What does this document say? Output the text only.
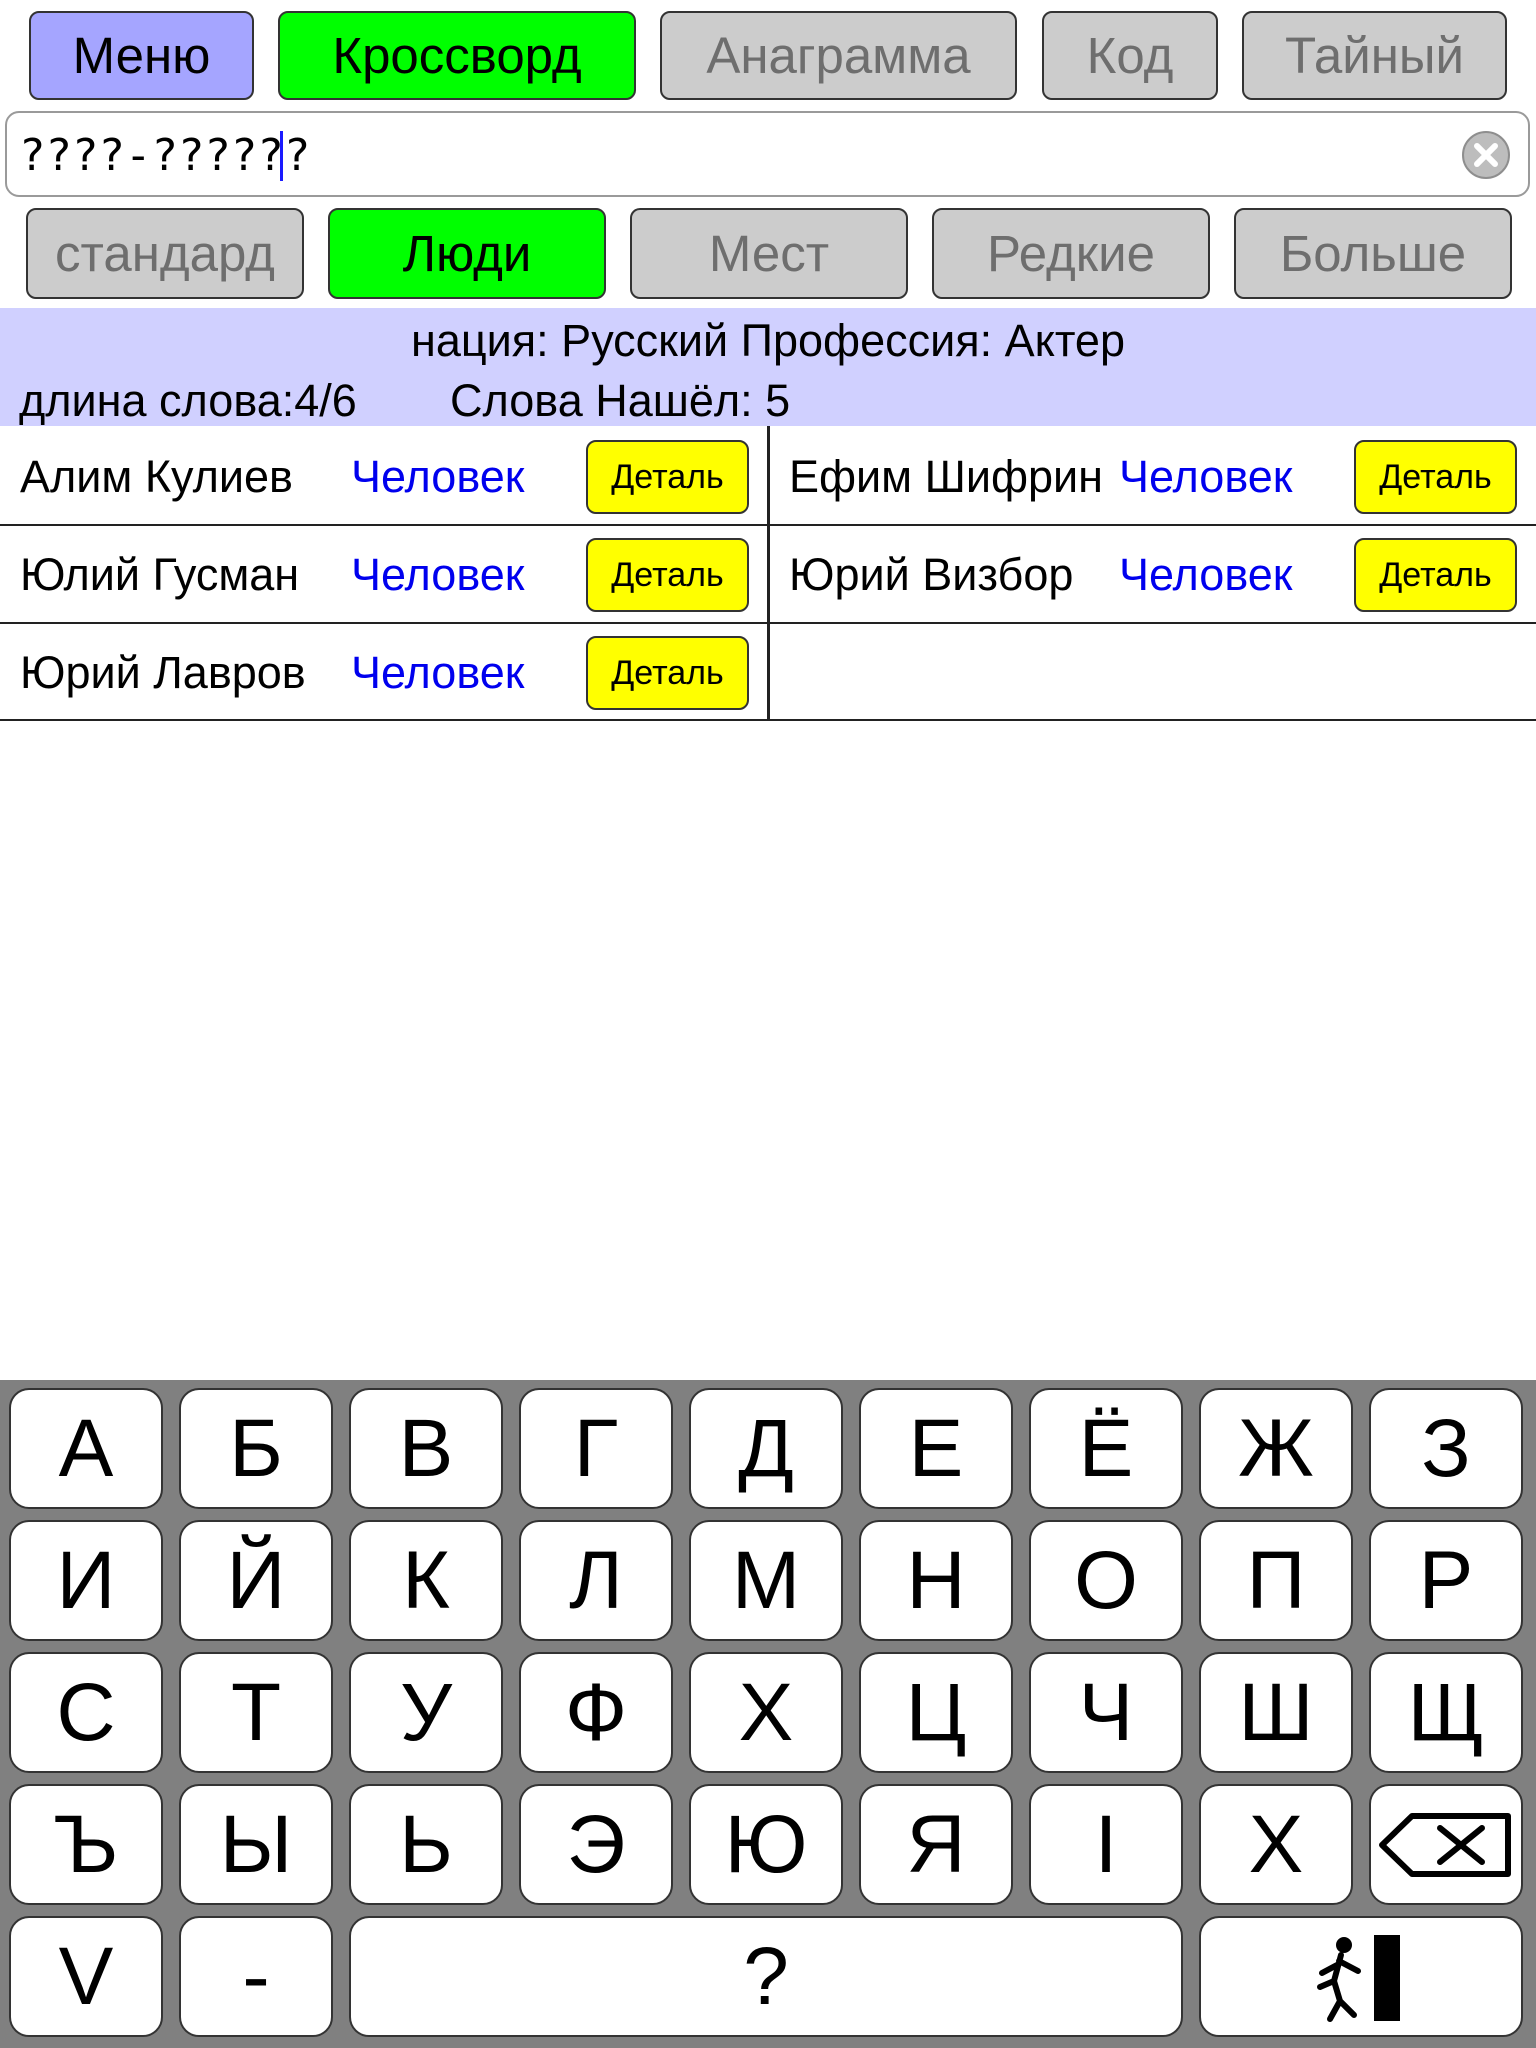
Меню	Кроссворд	Анаграмма	Код	Тайный
????-??????
стандард	Люди	Мест	Редкие	Больше
нация: Русский Профессия: Актер
длина слова:4/6 Слова Нашёл: 5
Алим Кулиев Человек	Деталь	Ефим Шифрин Человек	Деталь
Юлий Гусман Человек	Деталь	Юрий Визбор Человек	Деталь
Юрий Лавров Человек	Деталь
А	Б	В	Г	Д	Е	Ё	Ж	З
И	Й	К	Л	М	Н	О	П	Р
С	Т	У	Ф	Х	Ц	Ч	Ш	Щ
Ъ	Ы	Ь	Э	Ю	Я	І	Х
V	-	?
